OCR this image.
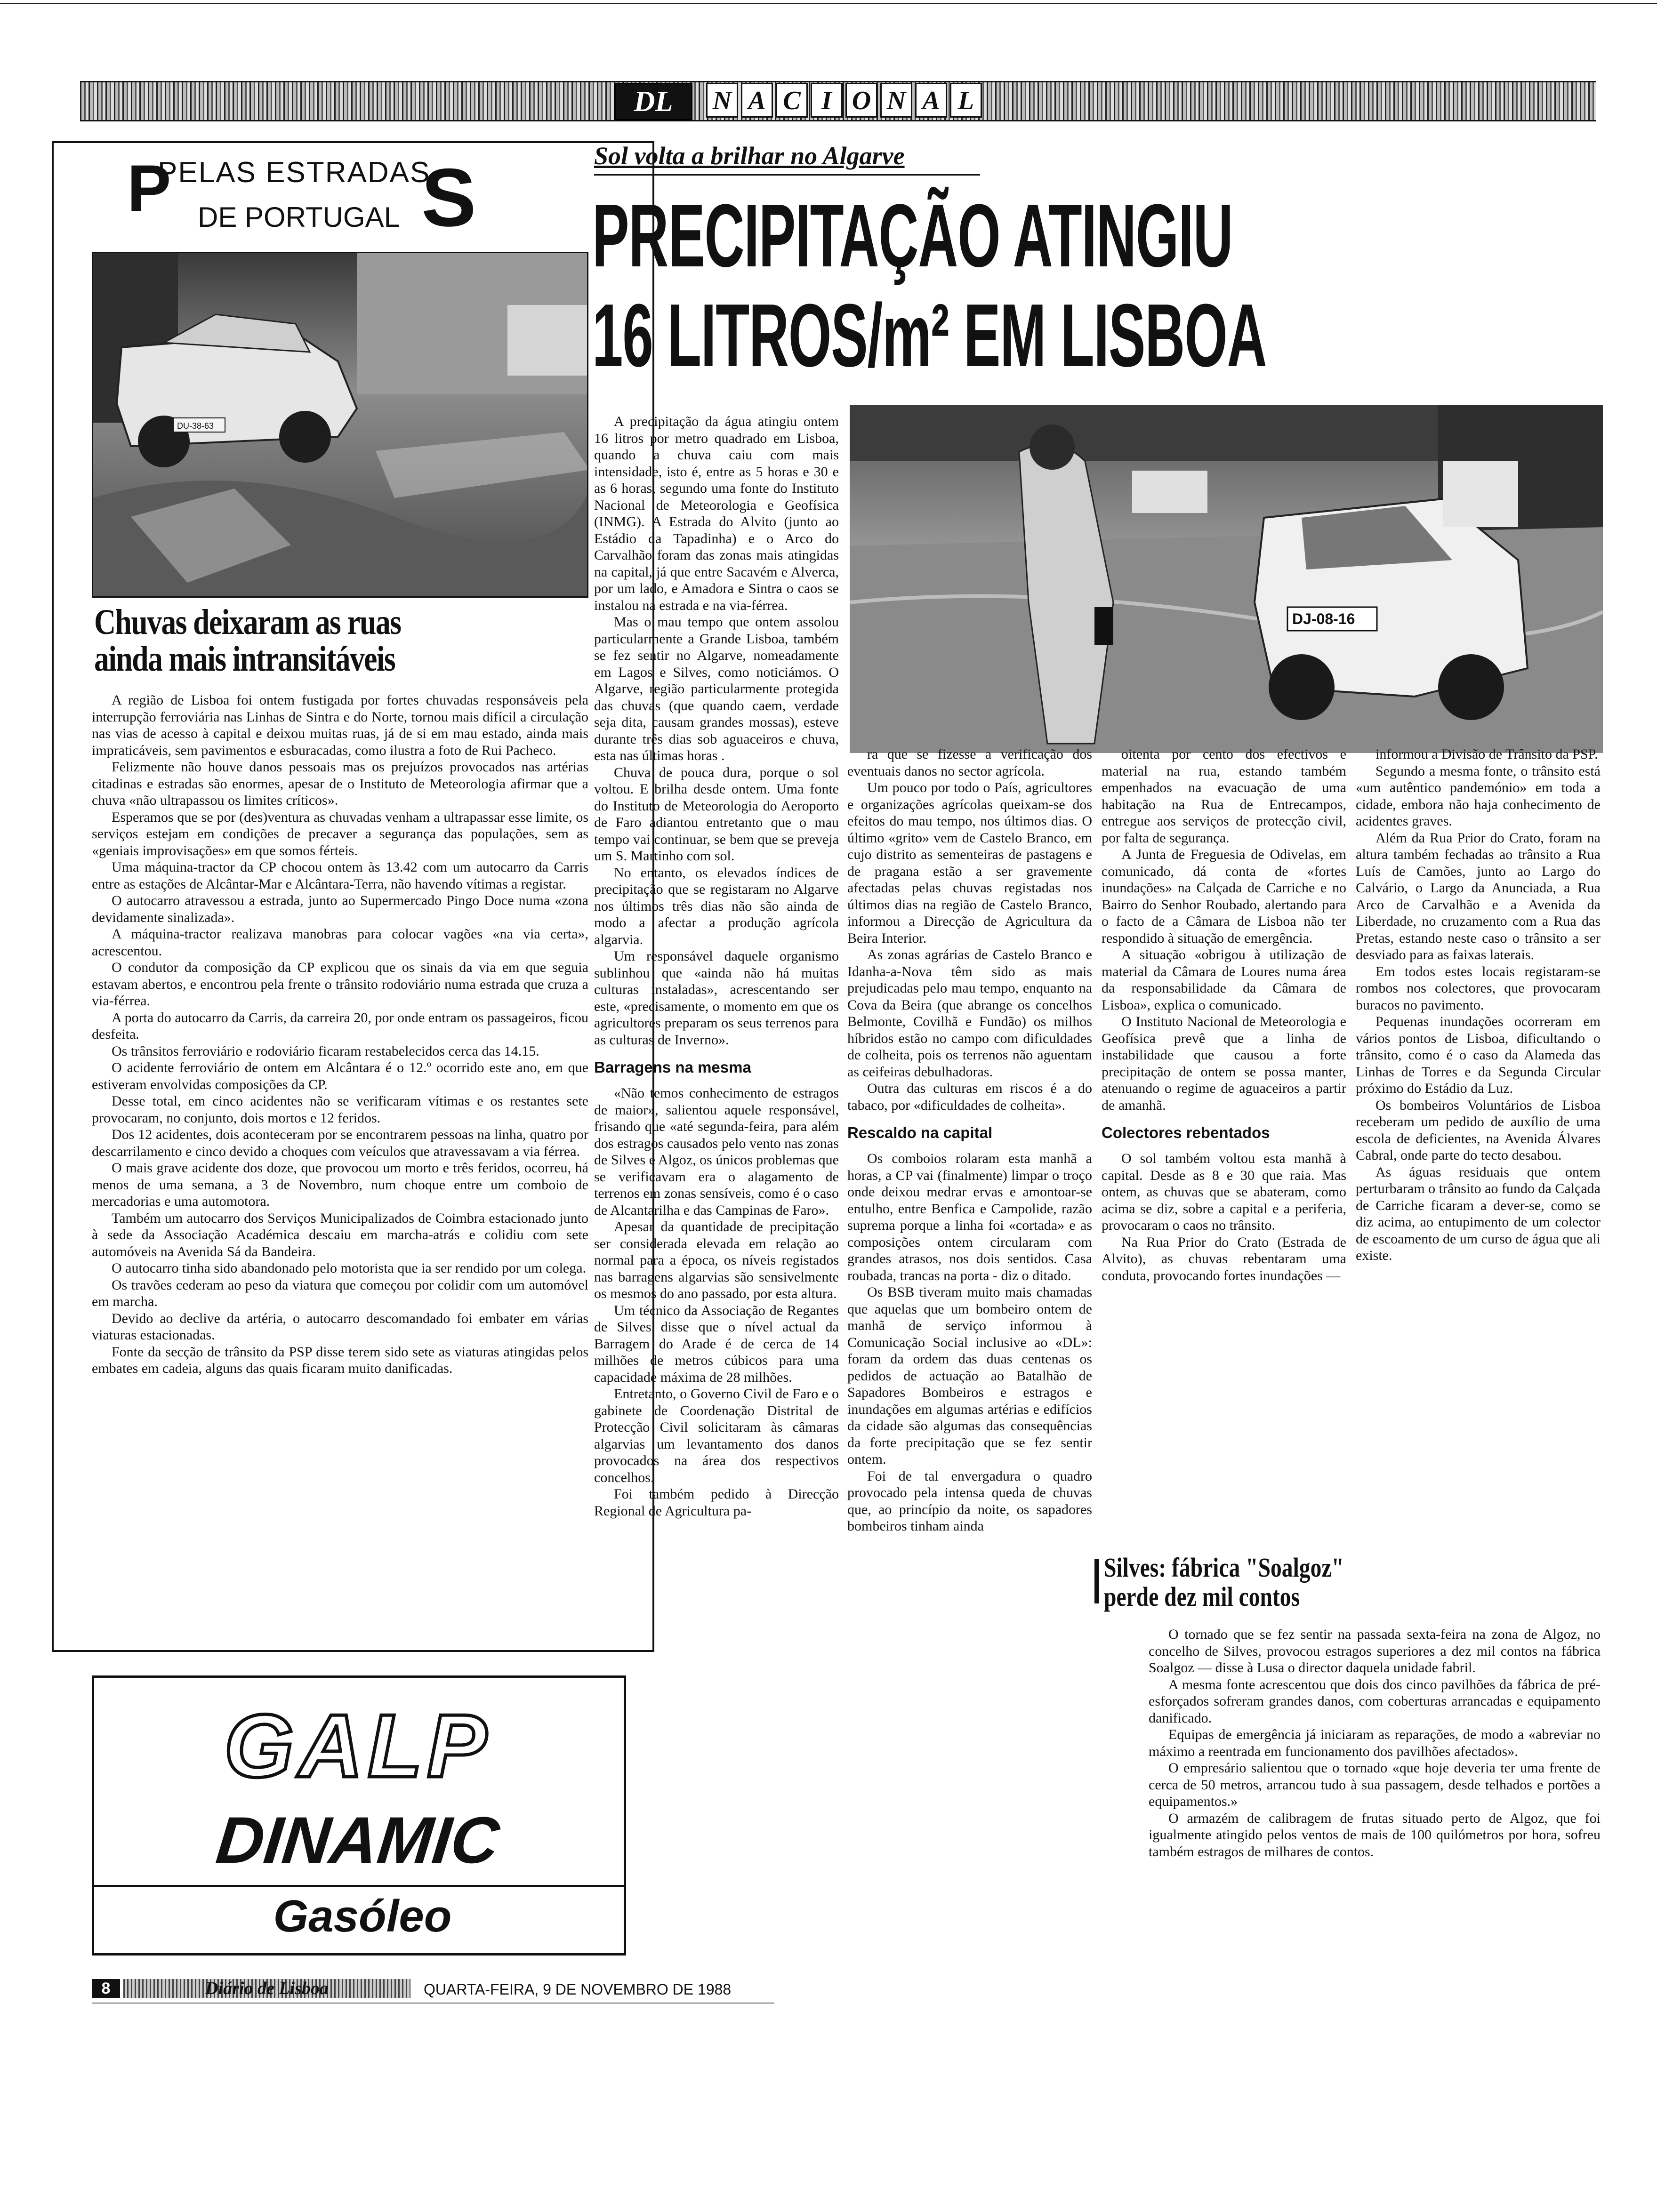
DL	N A C I O N A L
P	S
PELAS ESTRADAS
DE PORTUGAL
DU-38-63
Chuvas deixaram as ruas
ainda mais intransitáveis

A região de Lisboa foi ontem fustigada por fortes chuvadas responsáveis pela interrupção ferroviária nas Linhas de Sintra e do Norte, tornou mais difícil a circulação nas vias de acesso à capital e deixou muitas ruas, já de si em mau estado, ainda mais impraticáveis, sem pavimentos e esburacadas, como ilustra a foto de Rui Pacheco.

Felizmente não houve danos pessoais mas os prejuízos provocados nas artérias citadinas e estradas são enormes, apesar de o Instituto de Meteorologia afirmar que a chuva «não ultrapassou os limites críticos».

Esperamos que se por (des)ventura as chuvadas venham a ultrapassar esse limite, os serviços estejam em condições de precaver a segurança das populações, sem as «geniais improvisações» em que somos férteis.

Uma máquina-tractor da CP chocou ontem às 13.42 com um autocarro da Carris entre as estações de Alcântar-Mar e Alcântara-Terra, não havendo vítimas a registar.

O autocarro atravessou a estrada, junto ao Supermercado Pingo Doce numa «zona devidamente sinalizada».

A máquina-tractor realizava manobras para colocar vagões «na via certa», acrescentou.

O condutor da composição da CP explicou que os sinais da via em que seguia estavam abertos, e encontrou pela frente o trânsito rodoviário numa estrada que cruza a via-férrea.

A porta do autocarro da Carris, da carreira 20, por onde entram os passageiros, ficou desfeita.

Os trânsitos ferroviário e rodoviário ficaram restabelecidos cerca das 14.15.

O acidente ferroviário de ontem em Alcântara é o 12.º ocorrido este ano, em que estiveram envolvidas composições da CP.

Desse total, em cinco acidentes não se verificaram vítimas e os restantes sete provocaram, no conjunto, dois mortos e 12 feridos.

Dos 12 acidentes, dois aconteceram por se encontrarem pessoas na linha, quatro por descarrilamento e cinco devido a choques com veículos que atravessavam a via férrea.

O mais grave acidente dos doze, que provocou um morto e três feridos, ocorreu, há menos de uma semana, a 3 de Novembro, num choque entre um comboio de mercadorias e uma automotora.

Também um autocarro dos Serviços Municipalizados de Coimbra estacionado junto à sede da Associação Académica descaiu em marcha-atrás e colidiu com sete automóveis na Avenida Sá da Bandeira.

O autocarro tinha sido abandonado pelo motorista que ia ser rendido por um colega.

Os travões cederam ao peso da viatura que começou por colidir com um automóvel em marcha.

Devido ao declive da artéria, o autocarro descomandado foi embater em várias viaturas estacionadas.

Fonte da secção de trânsito da PSP disse terem sido sete as viaturas atingidas pelos embates em cadeia, alguns das quais ficaram muito danificadas.

GALP
DINAMIC
Gasóleo
Sol volta a brilhar no Algarve
PRECIPITAÇÃO ATINGIU
16 LITROS/m² EM LISBOA
DJ-08-16

A precipitação da água atingiu ontem 16 litros por metro quadrado em Lisboa, quando a chuva caiu com mais intensidade, isto é, entre as 5 horas e 30 e as 6 horas, segundo uma fonte do Instituto Nacional de Meteorologia e Geofísica (INMG). A Estrada do Alvito (junto ao Estádio da Tapadinha) e o Arco do Carvalhão foram das zonas mais atingidas na capital, já que entre Sacavém e Alverca, por um lado, e Amadora e Sintra o caos se instalou na estrada e na via-férrea.

Mas o mau tempo que ontem assolou particularmente a Grande Lisboa, também se fez sentir no Algarve, nomeadamente em Lagos e Silves, como noticiámos. O Algarve, região particularmente protegida das chuvas (que quando caem, verdade seja dita, causam grandes mossas), esteve durante três dias sob aguaceiros e chuva, esta nas últimas horas .

Chuva de pouca dura, porque o sol voltou. E brilha desde ontem. Uma fonte do Instituto de Meteorologia do Aeroporto de Faro adiantou entretanto que o mau tempo vai continuar, se bem que se preveja um S. Martinho com sol.

No entanto, os elevados índices de precipitação que se registaram no Algarve nos últimos três dias não são ainda de modo a afectar a produção agrícola algarvia.

Um responsável daquele organismo sublinhou que «ainda não há muitas culturas instaladas», acrescentando ser este, «precisamente, o momento em que os agricultores preparam os seus terrenos para as culturas de Inverno».

Barragens na mesma

«Não temos conhecimento de estragos de maior», salientou aquele responsável, frisando que «até segunda-feira, para além dos estragos causados pelo vento nas zonas de Silves e Algoz, os únicos problemas que se verificavam era o alagamento de terrenos em zonas sensíveis, como é o caso de Alcantarilha e das Campinas de Faro».

Apesar da quantidade de precipitação ser considerada elevada em relação ao normal para a época, os níveis registados nas barragens algarvias são sensivelmente os mesmos do ano passado, por esta altura.

Um técnico da Associação de Regantes de Silves disse que o nível actual da Barragem do Arade é de cerca de 14 milhões de metros cúbicos para uma capacidade máxima de 28 milhões.

Entretanto, o Governo Civil de Faro e o gabinete de Coordenação Distrital de Protecção Civil solicitaram às câmaras algarvias um levantamento dos danos provocados na área dos respectivos concelhos.

Foi também pedido à Direcção Regional de Agricultura pa-

ra que se fizesse a verificação dos eventuais danos no sector agrícola.

Um pouco por todo o País, agricultores e organizações agrícolas queixam-se dos efeitos do mau tempo, nos últimos dias. O último «grito» vem de Castelo Branco, em cujo distrito as sementeiras de pastagens e de pragana estão a ser gravemente afectadas pelas chuvas registadas nos últimos dias na região de Castelo Branco, informou a Direcção de Agricultura da Beira Interior.

As zonas agrárias de Castelo Branco e Idanha-a-Nova têm sido as mais prejudicadas pelo mau tempo, enquanto na Cova da Beira (que abrange os concelhos Belmonte, Covilhã e Fundão) os milhos híbridos estão no campo com dificuldades de colheita, pois os terrenos não aguentam as ceifeiras debulhadoras.

Outra das culturas em riscos é a do tabaco, por «dificuldades de colheita».

Rescaldo na capital

Os comboios rolaram esta manhã a horas, a CP vai (finalmente) limpar o troço onde deixou medrar ervas e amontoar-se entulho, entre Benfica e Campolide, razão suprema porque a linha foi «cortada» e as composições ontem circularam com grandes atrasos, nos dois sentidos. Casa roubada, trancas na porta - diz o ditado.

Os BSB tiveram muito mais chamadas que aquelas que um bombeiro ontem de manhã de serviço informou à Comunicação Social inclusive ao «DL»: foram da ordem das duas centenas os pedidos de actuação ao Batalhão de Sapadores Bombeiros e estragos e inundações em algumas artérias e edifícios da cidade são algumas das consequências da forte precipitação que se fez sentir ontem.

Foi de tal envergadura o quadro provocado pela intensa queda de chuvas que, ao princípio da noite, os sapadores bombeiros tinham ainda

oitenta por cento dos efectivos e material na rua, estando também empenhados na evacuação de uma habitação na Rua de Entrecampos, entregue aos serviços de protecção civil, por falta de segurança.

A Junta de Freguesia de Odivelas, em comunicado, dá conta de «fortes inundações» na Calçada de Carriche e no Bairro do Senhor Roubado, alertando para o facto de a Câmara de Lisboa não ter respondido à situação de emergência.

A situação «obrigou à utilização de material da Câmara de Loures numa área da responsabilidade da Câmara de Lisboa», explica o comunicado.

O Instituto Nacional de Meteorologia e Geofísica prevê que a linha de instabilidade que causou a forte precipitação de ontem se possa manter, atenuando o regime de aguaceiros a partir de amanhã.

Colectores rebentados

O sol também voltou esta manhã à capital. Desde as 8 e 30 que raia. Mas ontem, as chuvas que se abateram, como acima se diz, sobre a capital e a periferia, provocaram o caos no trânsito.

Na Rua Prior do Crato (Estrada de Alvito), as chuvas rebentaram uma conduta, provocando fortes inundações —

informou a Divisão de Trânsito da PSP.

Segundo a mesma fonte, o trânsito está «um autêntico pandemónio» em toda a cidade, embora não haja conhecimento de acidentes graves.

Além da Rua Prior do Crato, foram na altura também fechadas ao trânsito a Rua Luís de Camões, junto ao Largo do Calvário, o Largo da Anunciada, a Rua Arco de Carvalhão e a Avenida da Liberdade, no cruzamento com a Rua das Pretas, estando neste caso o trânsito a ser desviado para as faixas laterais.

Em todos estes locais registaram-se rombos nos colectores, que provocaram buracos no pavimento.

Pequenas inundações ocorreram em vários pontos de Lisboa, dificultando o trânsito, como é o caso da Alameda das Linhas de Torres e da Segunda Circular próximo do Estádio da Luz.

Os bombeiros Voluntários de Lisboa receberam um pedido de auxílio de uma escola de deficientes, na Avenida Álvares Cabral, onde parte do tecto desabou.

As águas residuais que ontem perturbaram o trânsito ao fundo da Calçada de Carriche ficaram a dever-se, como se diz acima, ao entupimento de um colector de escoamento de um curso de água que ali existe.

Silves: fábrica "Soalgoz"
perde dez mil contos

O tornado que se fez sentir na passada sexta-feira na zona de Algoz, no concelho de Silves, provocou estragos superiores a dez mil contos na fábrica Soalgoz — disse à Lusa o director daquela unidade fabril.

A mesma fonte acrescentou que dois dos cinco pavilhões da fábrica de pré-esforçados sofreram grandes danos, com coberturas arrancadas e equipamento danificado.

Equipas de emergência já iniciaram as reparações, de modo a «abreviar no máximo a reentrada em funcionamento dos pavilhões afectados».

O empresário salientou que o tornado «que hoje deveria ter uma frente de cerca de 50 metros, arrancou tudo à sua passagem, desde telhados e portões a equipamentos.»

O armazém de calibragem de frutas situado perto de Algoz, que foi igualmente atingido pelos ventos de mais de 100 quilómetros por hora, sofreu também estragos de milhares de contos.

8	Diário de Lisboa	QUARTA-FEIRA, 9 DE NOVEMBRO DE 1988
